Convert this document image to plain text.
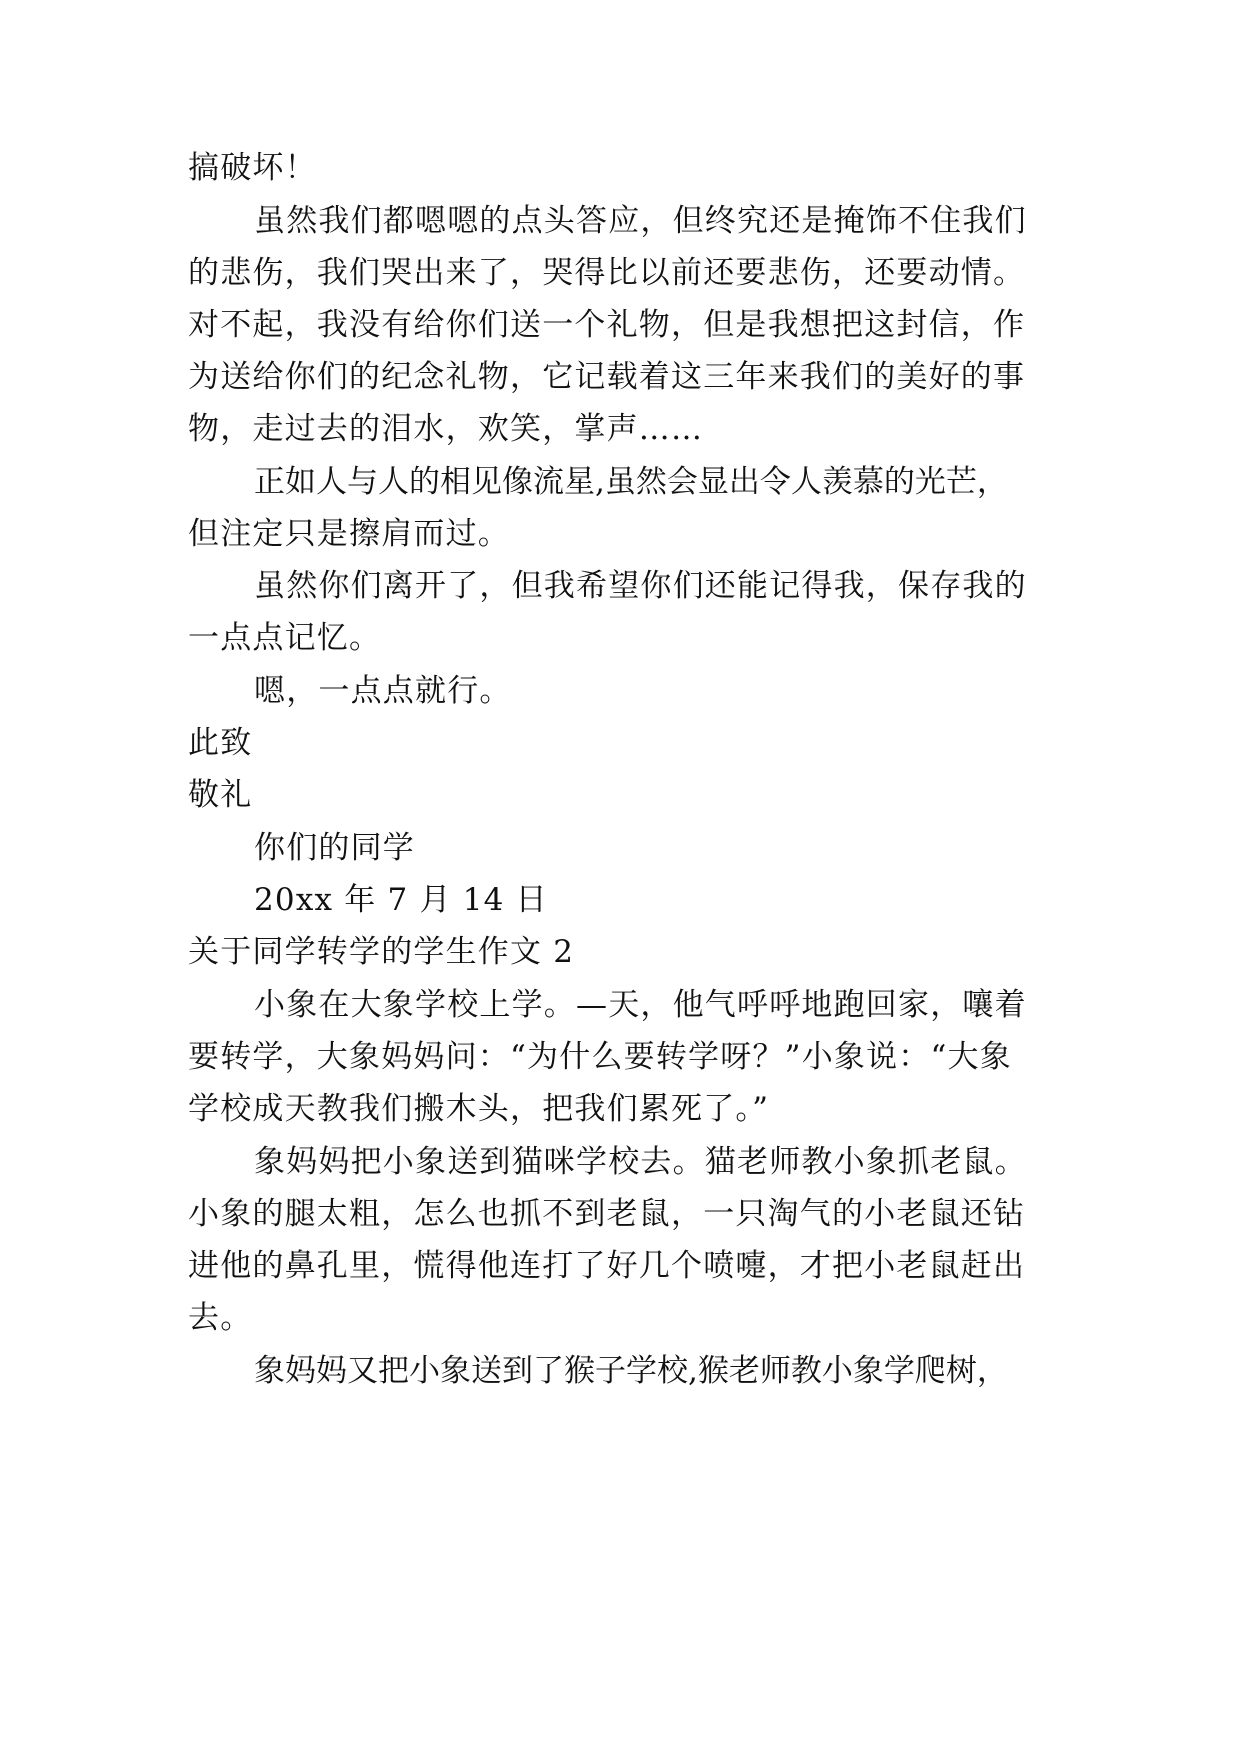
搞破坏！
虽然我们都嗯嗯的点头答应，但终究还是掩饰不住我们
的悲伤，我们哭出来了，哭得比以前还要悲伤，还要动情。
对不起，我没有给你们送一个礼物，但是我想把这封信，作
为送给你们的纪念礼物，它记载着这三年来我们的美好的事
物，走过去的泪水，欢笑，掌声……
正如人与人的相见像流星,虽然会显出令人羡慕的光芒，
但注定只是擦肩而过。
虽然你们离开了，但我希望你们还能记得我，保存我的
一点点记忆。
嗯，一点点就行。
此致
敬礼
你们的同学
20xx 年 7 月 14 日
关于同学转学的学生作文 2
小象在大象学校上学。—天，他气呼呼地跑回家，嚷着
要转学，大象妈妈问：“为什么要转学呀？”小象说：“大象
学校成天教我们搬木头，把我们累死了。”
象妈妈把小象送到猫咪学校去。猫老师教小象抓老鼠。
小象的腿太粗，怎么也抓不到老鼠，一只淘气的小老鼠还钻
进他的鼻孔里，慌得他连打了好几个喷嚏，才把小老鼠赶出
去。
象妈妈又把小象送到了猴子学校,猴老师教小象学爬树，
